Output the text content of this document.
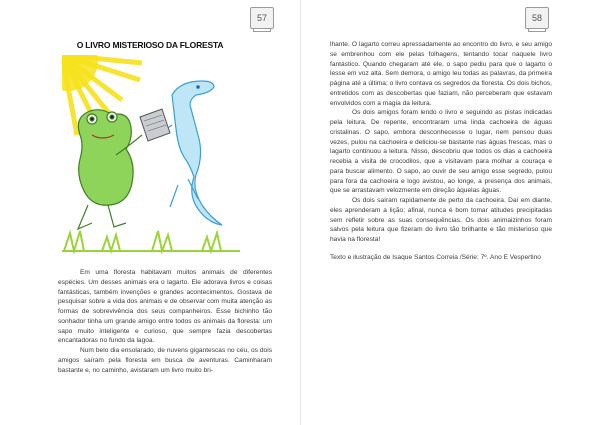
57
O LIVRO MISTERIOSO DA FLORESTA

Em uma floresta habitavam muitos animais de diferentes espécies. Um desses animais era o lagarto. Ele adorava livros e coisas fantásticas, também invenções e grandes acontecimentos. Gostava de pesquisar sobre a vida dos animais e de observar com muita atenção as formas de sobrevivência dos seus companheiros. Esse bichinho tão sonhador tinha um grande amigo entre todos os animais da floresta: um sapo muito inteligente e curioso, que sempre fazia descobertas encantadoras no fundo da lagoa.

Num belo dia ensolarado, de nuvens gigantescas no céu, os dois amigos saíram pela floresta em busca de aventuras. Caminharam bastante e, no caminho, avistaram um livro muito bri-

58

lhante. O lagarto correu apressadamente ao encontro do livro, e seu amigo se embrenhou com ele pelas folhagens, tentando tocar naquele livro fantástico. Quando chegaram até ele, o sapo pediu para que o lagarto o lesse em voz alta. Sem demora, o amigo leu todas as palavras, da primeira página até a última; o livro contava os segredos da floresta. Os dois bichos, entretidos com as descobertas que faziam, não perceberam que estavam envolvidos com a magia da leitura.

Os dois amigos foram lendo o livro e seguindo as pistas indicadas pela leitura. De repente, encontraram uma linda cachoeira de águas cristalinas. O sapo, embora desconhecesse o lugar, nem pensou duas vezes, pulou na cachoeira e deliciou-se bastante nas águas frescas, mas o lagarto continuou a leitura. Nisso, descobriu que todos os dias a cachoeira recebia a visita de crocodilos, que a visitavam para molhar a couraça e para buscar alimento. O sapo, ao ouvir de seu amigo esse segredo, pulou para fora da cachoeira e logo avistou, ao longe, a presença dos animais, que se arrastavam velozmente em direção àquelas águas.

Os dois saíram rapidamente de perto da cachoeira. Daí em diante, eles aprenderam a lição; afinal, nunca é bom tomar atitudes precipitadas sem refletir sobre as suas consequências. Os dois animaizinhos foram salvos pela leitura que fizeram do livro tão brilhante e tão misterioso que havia na floresta!

Texto e ilustração de Isaque Santos Correia /Série: 7º. Ano E Vespertino
